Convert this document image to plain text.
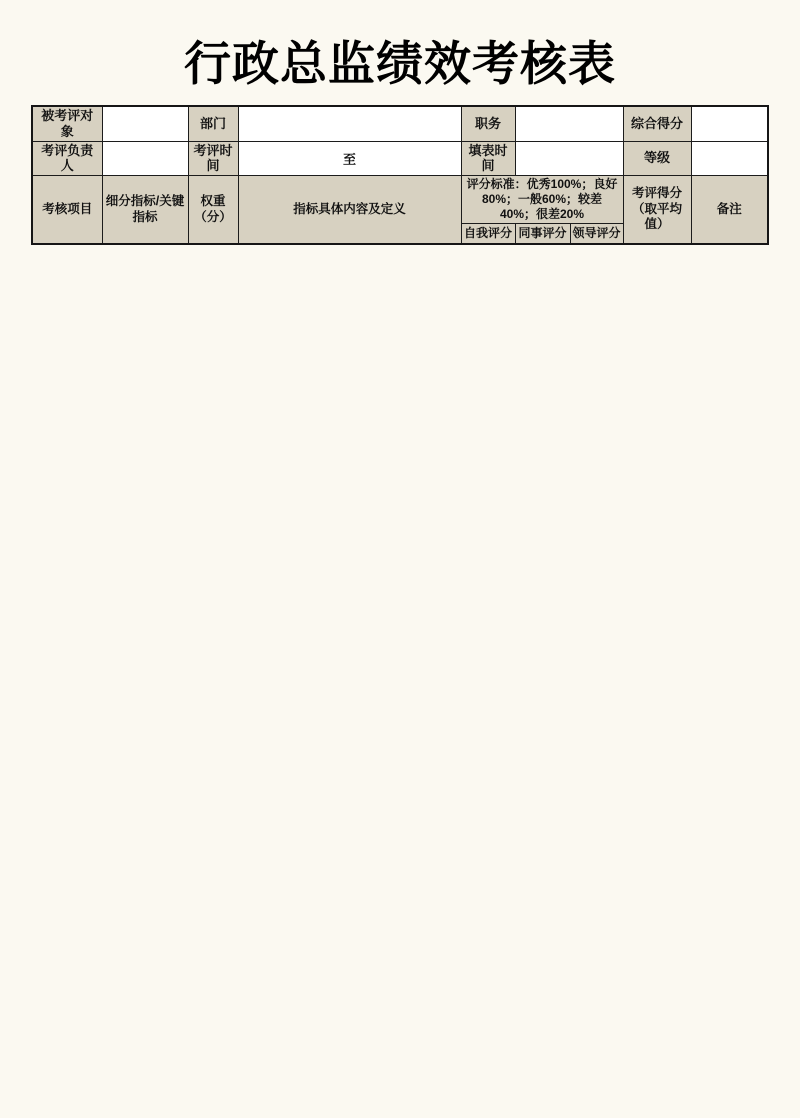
行政总监绩效考核表
被考评对象		部门		职务			综合得分	
考评负责人		考评时间	至	填表时间			等级	
考核项目	细分指标/关键指标	权重（分）	指标具体内容及定义	评分标准：优秀100%；良好80%；一般60%；较差40%；很差20%			考评得分（取平均值）	备注
				自我评分	同事评分	领导评分		
